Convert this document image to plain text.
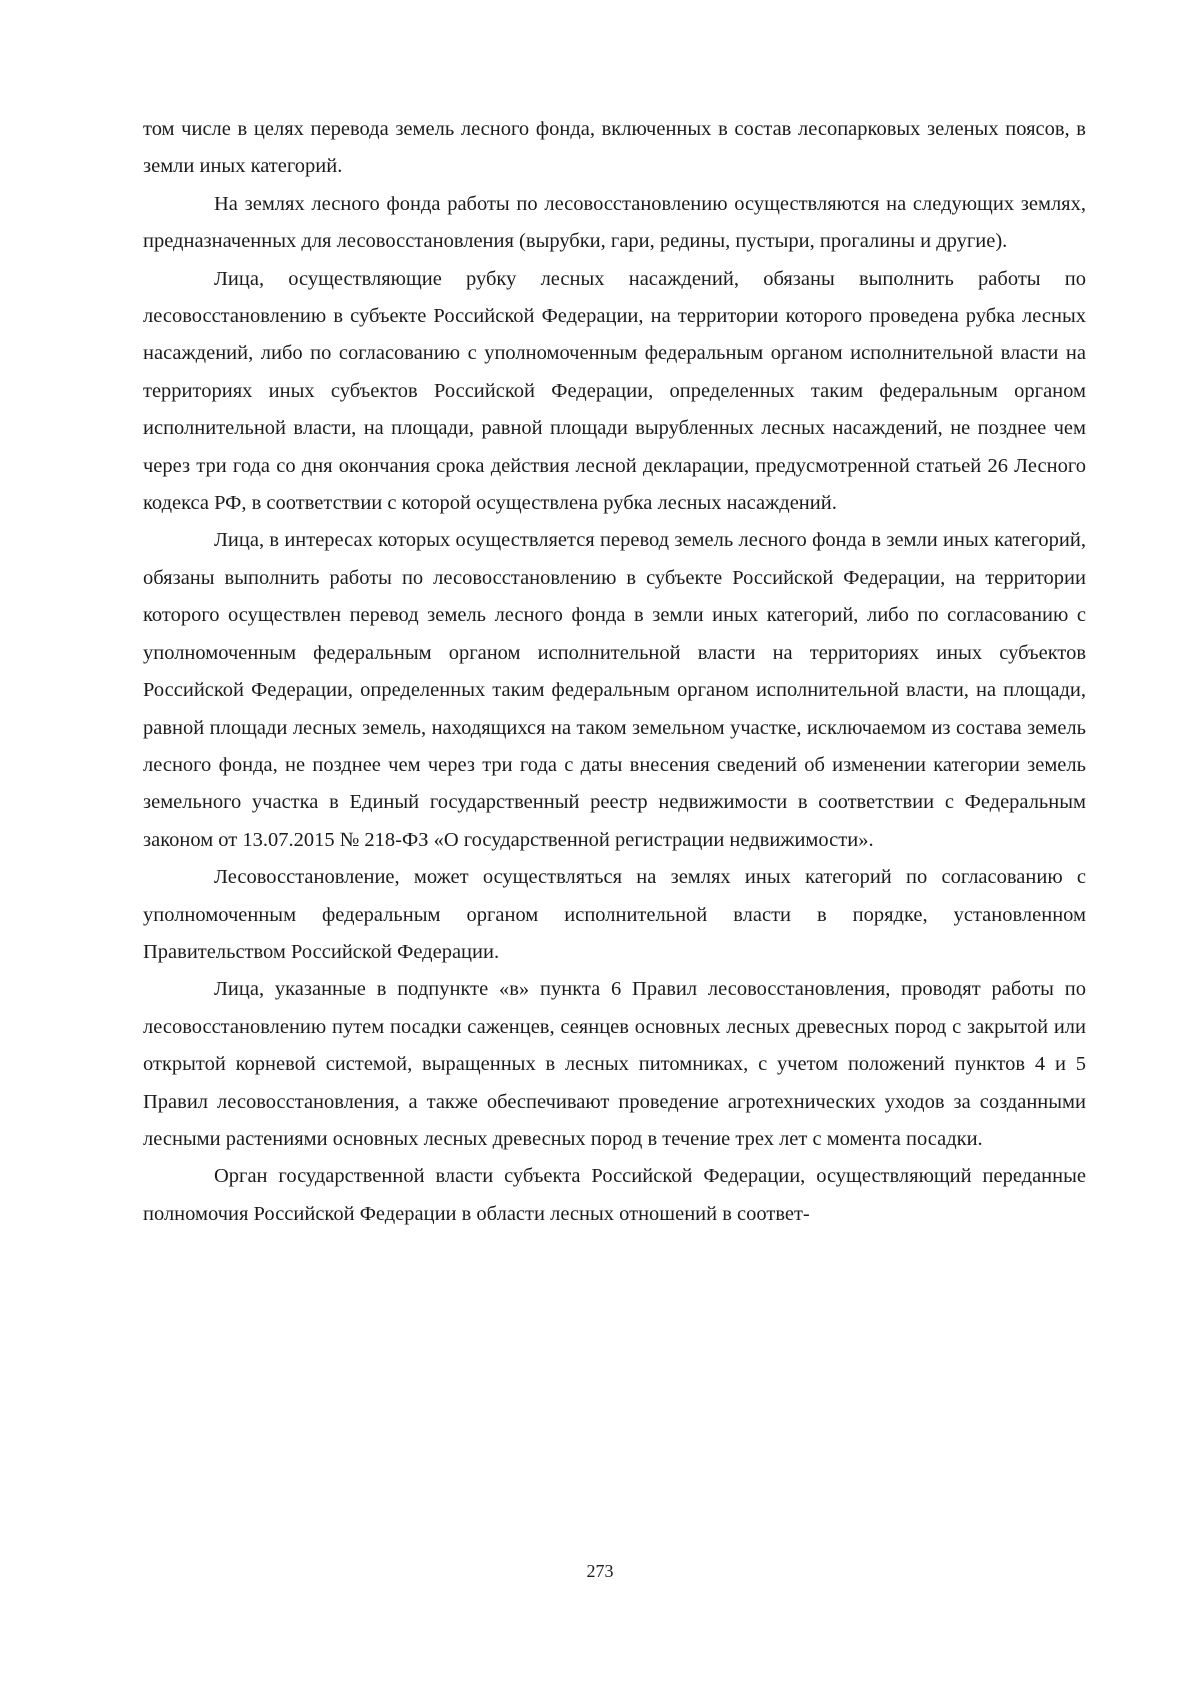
том числе в целях перевода земель лесного фонда, включенных в состав лесопарковых зеленых поясов, в земли иных категорий.

На землях лесного фонда работы по лесовосстановлению осуществляются на следующих землях, предназначенных для лесовосстановления (вырубки, гари, редины, пустыри, прогалины и другие).

Лица, осуществляющие рубку лесных насаждений, обязаны выполнить работы по лесовосстановлению в субъекте Российской Федерации, на территории которого проведена рубка лесных насаждений, либо по согласованию с уполномоченным федеральным органом исполнительной власти на территориях иных субъектов Российской Федерации, определенных таким федеральным органом исполнительной власти, на площади, равной площади вырубленных лесных насаждений, не позднее чем через три года со дня окончания срока действия лесной декларации, предусмотренной статьей 26 Лесного кодекса РФ, в соответствии с которой осуществлена рубка лесных насаждений.

Лица, в интересах которых осуществляется перевод земель лесного фонда в земли иных категорий, обязаны выполнить работы по лесовосстановлению в субъекте Российской Федерации, на территории которого осуществлен перевод земель лесного фонда в земли иных категорий, либо по согласованию с уполномоченным федеральным органом исполнительной власти на территориях иных субъектов Российской Федерации, определенных таким федеральным органом исполнительной власти, на площади, равной площади лесных земель, находящихся на таком земельном участке, исключаемом из состава земель лесного фонда, не позднее чем через три года с даты внесения сведений об изменении категории земель земельного участка в Единый государственный реестр недвижимости в соответствии с Федеральным законом от 13.07.2015 № 218-ФЗ «О государственной регистрации недвижимости».

Лесовосстановление, может осуществляться на землях иных категорий по согласованию с уполномоченным федеральным органом исполнительной власти в порядке, установленном Правительством Российской Федерации.

Лица, указанные в подпункте «в» пункта 6 Правил лесовосстановления, проводят работы по лесовосстановлению путем посадки саженцев, сеянцев основных лесных древесных пород с закрытой или открытой корневой системой, выращенных в лесных питомниках, с учетом положений пунктов 4 и 5 Правил лесовосстановления, а также обеспечивают проведение агротехнических уходов за созданными лесными растениями основных лесных древесных пород в течение трех лет с момента посадки.

Орган государственной власти субъекта Российской Федерации, осуществляющий переданные полномочия Российской Федерации в области лесных отношений в соответ-

273
